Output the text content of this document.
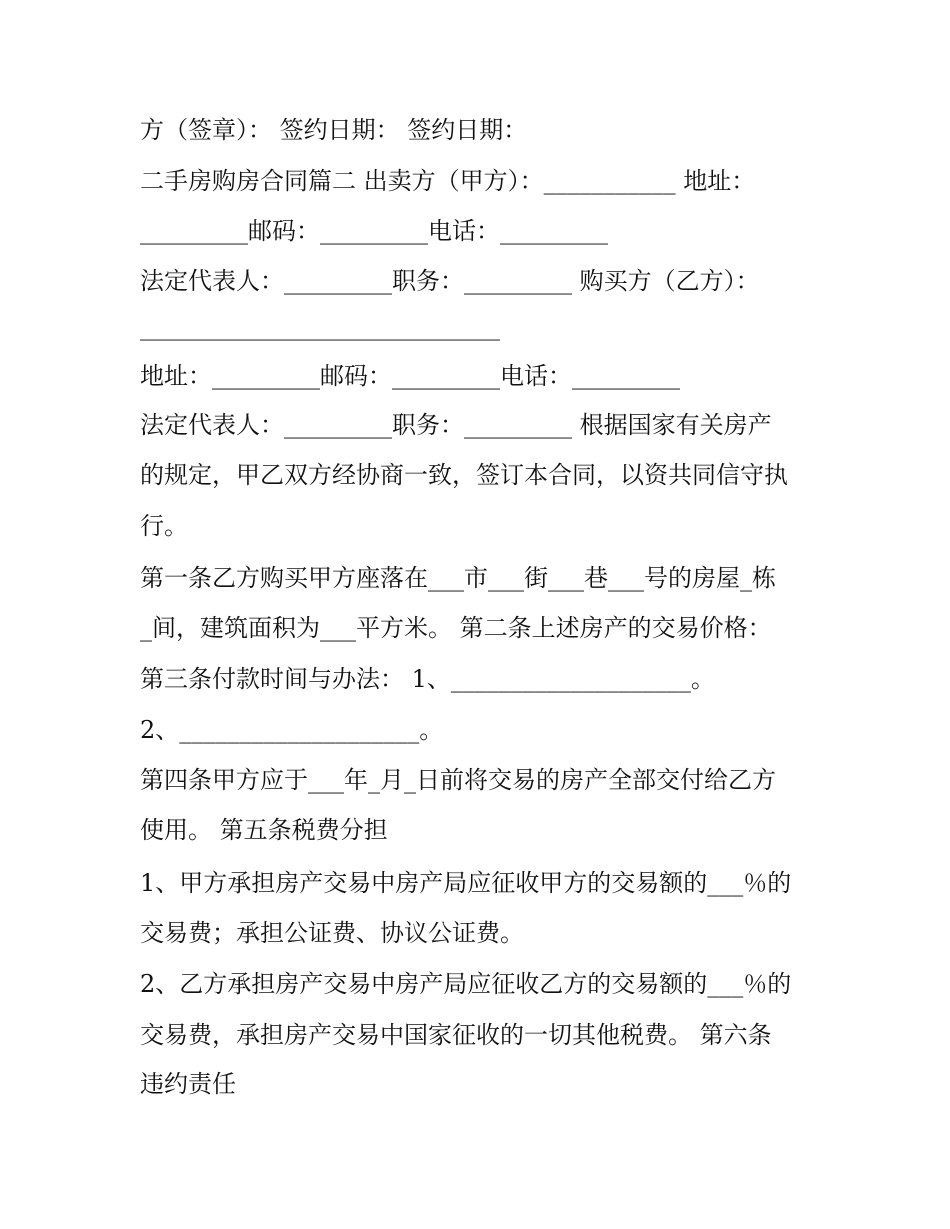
方（签章）： 签约日期： 签约日期：

二手房购房合同篇二 出卖方（甲方）：___________ 地址：

_________邮码：_________电话：_________

法定代表人：_________职务：_________ 购买方（乙方）：

______________________________

地址：_________邮码：_________电话：_________

法定代表人：_________职务：_________ 根据国家有关房产

的规定，甲乙双方经协商一致，签订本合同，以资共同信守执

行。

第一条乙方购买甲方座落在___市___街___巷___号的房屋_栋

_间，建筑面积为___平方米。 第二条上述房产的交易价格：

第三条付款时间与办法： 1、____________________。

2、____________________。

第四条甲方应于___年_月_日前将交易的房产全部交付给乙方

使用。 第五条税费分担

1、甲方承担房产交易中房产局应征收甲方的交易额的___％的

交易费；承担公证费、协议公证费。

2、乙方承担房产交易中房产局应征收乙方的交易额的___％的

交易费，承担房产交易中国家征收的一切其他税费。 第六条

违约责任
